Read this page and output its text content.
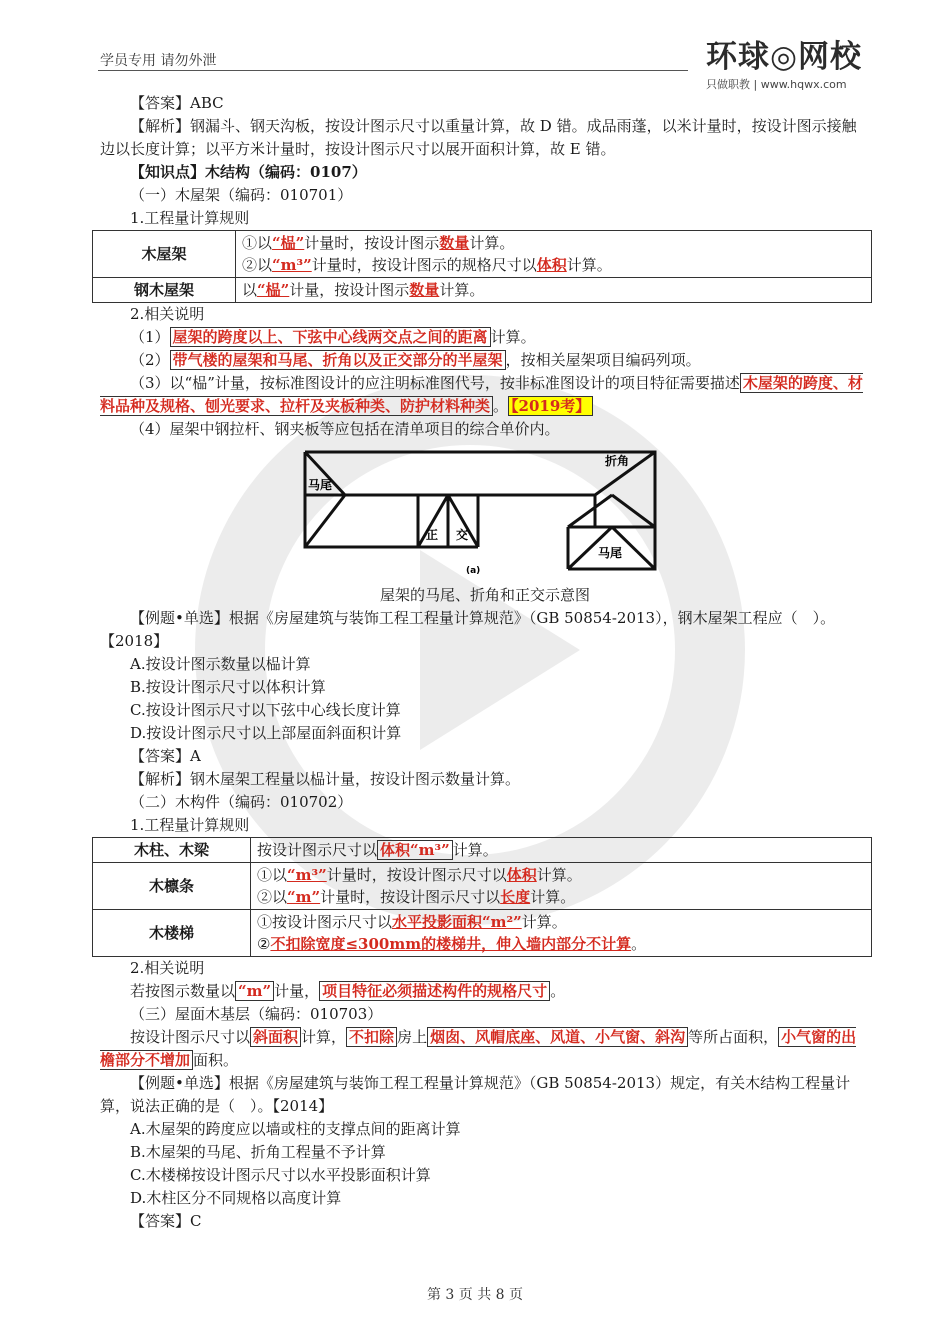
学员专用 请勿外泄	环球◎网校
只做职教 | www.hqwx.com

【答案】ABC

【解析】钢漏斗、钢天沟板，按设计图示尺寸以重量计算，故 D 错。成品雨蓬，以米计量时，按设计图示接触边以长度计算；以平方米计量时，按设计图示尺寸以展开面积计算，故 E 错。

【知识点】木结构（编码：0107）

（一）木屋架（编码：010701）

1.工程量计算规则

木屋架	①以“榀”计量时，按设计图示数量计算。
②以“m³”计量时，按设计图示的规格尺寸以体积计算。

钢木屋架	以“榀”计量，按设计图示数量计算。

2.相关说明

（1） 屋架的跨度以上、下弦中心线两交点之间的距离 计算。

（2） 带气楼的屋架和马尾、折角以及正交部分的半屋架 ，按相关屋架项目编码列项。

（3）以“榀”计量，按标准图设计的应注明标准图代号，按非标准图设计的项目特征需要描述 木屋架的跨度、材料品种及规格、刨光要求、拉杆及夹板种类、防护材料种类 。 【2019考】

（4）屋架中钢拉杆、钢夹板等应包括在清单项目的综合单价内。

马尾
折角
正 交
马尾
(a)

屋架的马尾、折角和正交示意图

【例题•单选】根据《房屋建筑与装饰工程工程量计算规范》（GB 50854-2013），钢木屋架工程应（　）。【2018】

A.按设计图示数量以榀计算

B.按设计图示尺寸以体积计算

C.按设计图示尺寸以下弦中心线长度计算

D.按设计图示尺寸以上部屋面斜面积计算

【答案】A

【解析】钢木屋架工程量以榀计量，按设计图示数量计算。

（二）木构件（编码：010702）

1.工程量计算规则

木柱、木梁	按设计图示尺寸以 体积“m³” 计算。
木檩条	①以“m³”计量时，按设计图示尺寸以体积计算。
②以“m”计量时，按设计图示尺寸以长度计算。

木楼梯	①按设计图示尺寸以水平投影面积“m²”计算。
②不扣除宽度≤300mm的楼梯井，伸入墙内部分不计算。

2.相关说明

若按图示数量以 “m” 计量， 项目特征必须描述构件的规格尺寸 。

（三）屋面木基层（编码：010703）

按设计图示尺寸以 斜面积 计算， 不扣除 房上 烟囱、风帽底座、风道、小气窗、斜沟 等所占面积， 小气窗的出檐部分不增加 面积。

【例题•单选】根据《房屋建筑与装饰工程工程量计算规范》（GB 50854-2013）规定，有关木结构工程量计算，说法正确的是（　）。【2014】

A.木屋架的跨度应以墙或柱的支撑点间的距离计算

B.木屋架的马尾、折角工程量不予计算

C.木楼梯按设计图示尺寸以水平投影面积计算

D.木柱区分不同规格以高度计算

【答案】C

第 3 页 共 8 页
